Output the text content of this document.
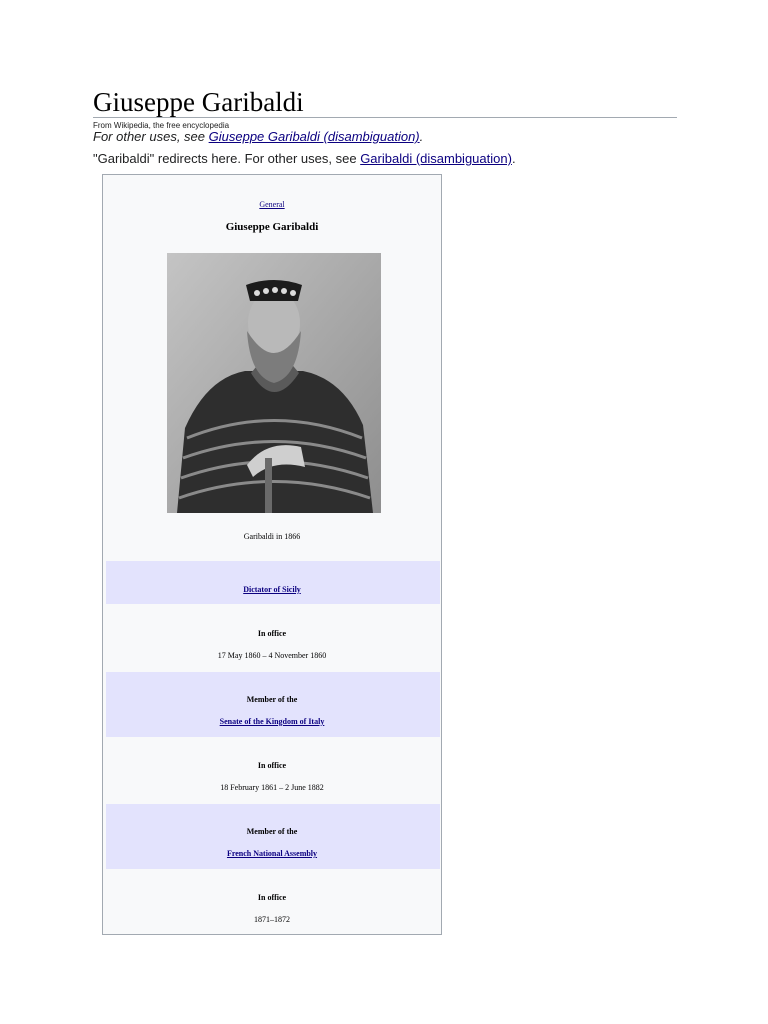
Giuseppe Garibaldi
From Wikipedia, the free encyclopedia
For other uses, see Giuseppe Garibaldi (disambiguation).
"Garibaldi" redirects here. For other uses, see Garibaldi (disambiguation).
General
Giuseppe Garibaldi
Garibaldi in 1866
Dictator of Sicily
In office
17 May 1860 – 4 November 1860
Member of the
Senate of the Kingdom of Italy
In office
18 February 1861 – 2 June 1882
Member of the
French National Assembly
In office
1871–1872
